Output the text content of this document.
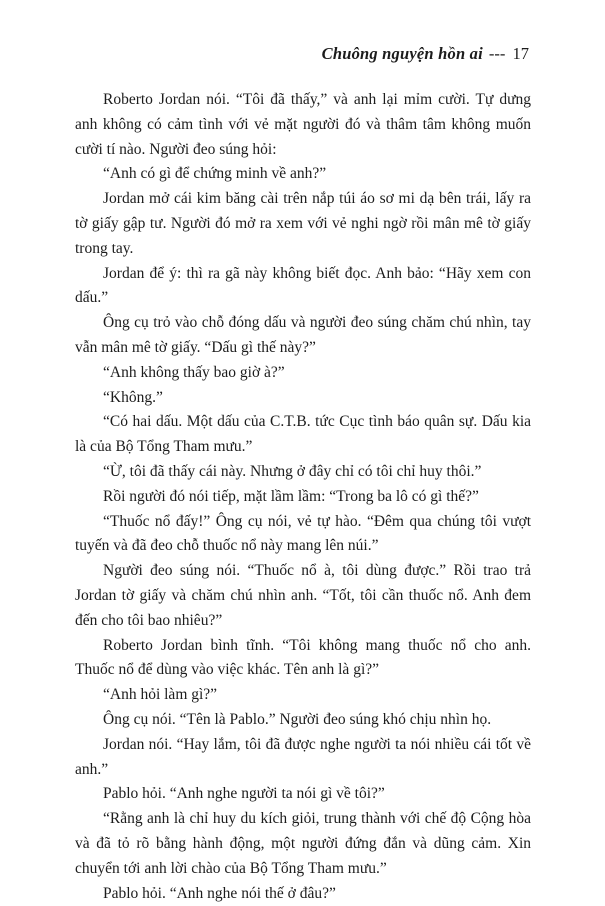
Chuông nguyện hồn ai --- 17

Roberto Jordan nói. “Tôi đã thấy,” và anh lại mỉm cười. Tự dưng anh không có cảm tình với vẻ mặt người đó và thâm tâm không muốn cười tí nào. Người đeo súng hỏi:

“Anh có gì để chứng minh về anh?”

Jordan mở cái kim băng cài trên nắp túi áo sơ mi dạ bên trái, lấy ra tờ giấy gập tư. Người đó mở ra xem với vẻ nghi ngờ rồi mân mê tờ giấy trong tay.

Jordan để ý: thì ra gã này không biết đọc. Anh bảo: “Hãy xem con dấu.”

Ông cụ trỏ vào chỗ đóng dấu và người đeo súng chăm chú nhìn, tay vẫn mân mê tờ giấy. “Dấu gì thế này?”

“Anh không thấy bao giờ à?”

“Không.”

“Có hai dấu. Một dấu của C.T.B. tức Cục tình báo quân sự. Dấu kia là của Bộ Tổng Tham mưu.”

“Ừ, tôi đã thấy cái này. Nhưng ở đây chỉ có tôi chỉ huy thôi.”

Rồi người đó nói tiếp, mặt lầm lầm: “Trong ba lô có gì thế?”

“Thuốc nổ đấy!” Ông cụ nói, vẻ tự hào. “Đêm qua chúng tôi vượt tuyến và đã đeo chỗ thuốc nổ này mang lên núi.”

Người đeo súng nói. “Thuốc nổ à, tôi dùng được.” Rồi trao trả Jordan tờ giấy và chăm chú nhìn anh. “Tốt, tôi cần thuốc nổ. Anh đem đến cho tôi bao nhiêu?”

Roberto Jordan bình tĩnh. “Tôi không mang thuốc nổ cho anh. Thuốc nổ để dùng vào việc khác. Tên anh là gì?”

“Anh hỏi làm gì?”

Ông cụ nói. “Tên là Pablo.” Người đeo súng khó chịu nhìn họ.

Jordan nói. “Hay lắm, tôi đã được nghe người ta nói nhiều cái tốt về anh.”

Pablo hỏi. “Anh nghe người ta nói gì về tôi?”

“Rằng anh là chỉ huy du kích giỏi, trung thành với chế độ Cộng hòa và đã tỏ rõ bằng hành động, một người đứng đắn và dũng cảm. Xin chuyển tới anh lời chào của Bộ Tổng Tham mưu.”

Pablo hỏi. “Anh nghe nói thế ở đâu?”
